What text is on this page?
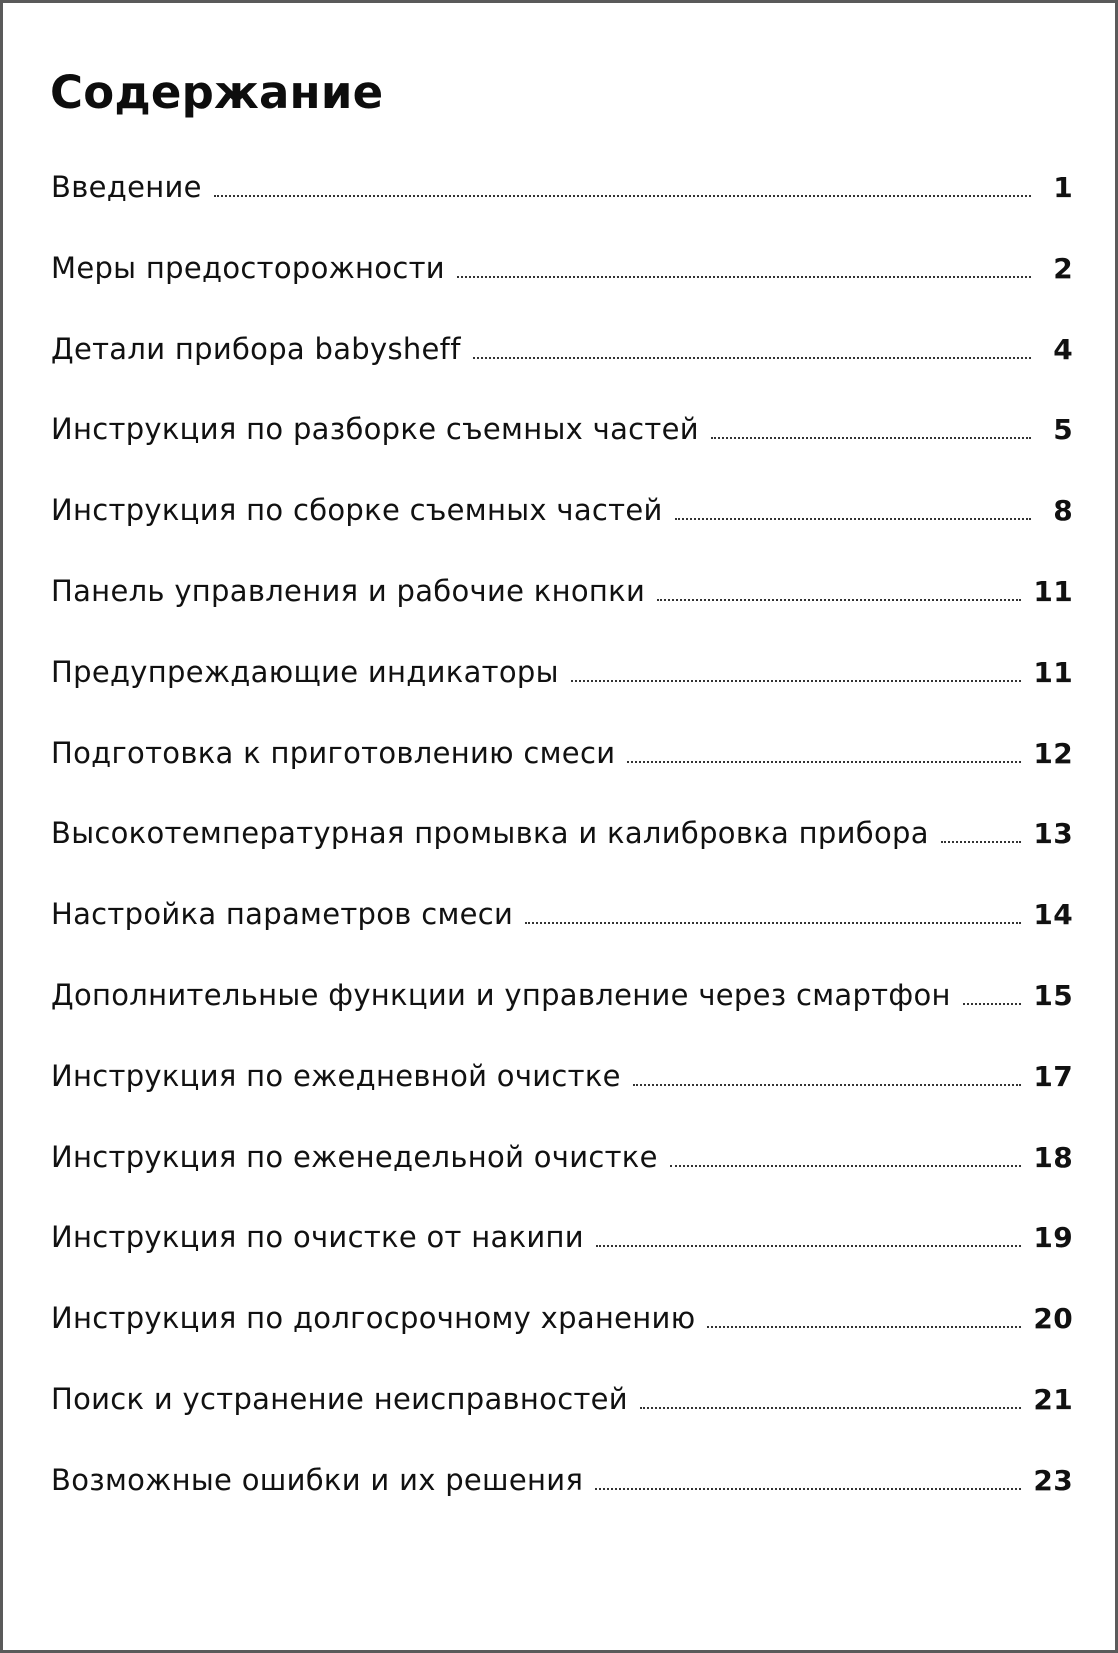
Содержание
Введение	1
Меры предосторожности	2
Детали прибора babysheff	4
Инструкция по разборке съемных частей	5
Инструкция по сборке съемных частей	8
Панель управления и рабочие кнопки	11
Предупреждающие индикаторы	11
Подготовка к приготовлению смеси	12
Высокотемпературная промывка и калибровка прибора	13
Настройка параметров смеси	14
Дополнительные функции и управление через смартфон	15
Инструкция по ежедневной очистке	17
Инструкция по еженедельной очистке	18
Инструкция по очистке от накипи	19
Инструкция по долгосрочному хранению	20
Поиск и устранение неисправностей	21
Возможные ошибки и их решения	23
